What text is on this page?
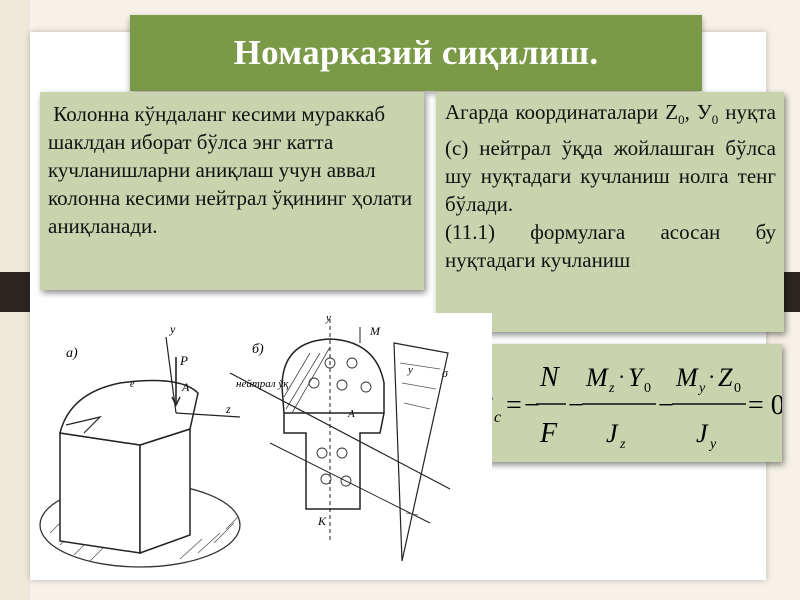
Номарказий сиқилиш.
Колонна кўндаланг кесими мураккаб шаклдан иборат бўлса энг катта  кучланишларни аниқлаш учун аввал колонна кесими нейтрал ўқининг ҳолати аниқланади.

Агарда координаталари $Z_0$, $У_0$ нуқта (с) нейтрал ўқда жойлашган бўлса шу нуқтадаги кучланиш нолга тенг бўлади.

(11.1) формулага асосан бу нуқтадаги кучланиш:

c = −
N
F
−
M z · Y 0
J z
−
M y · Z 0
J y
= 0
а)
у
P
A
z
e
б)
нейтрал ўқ
M
K
у σ
у
A
